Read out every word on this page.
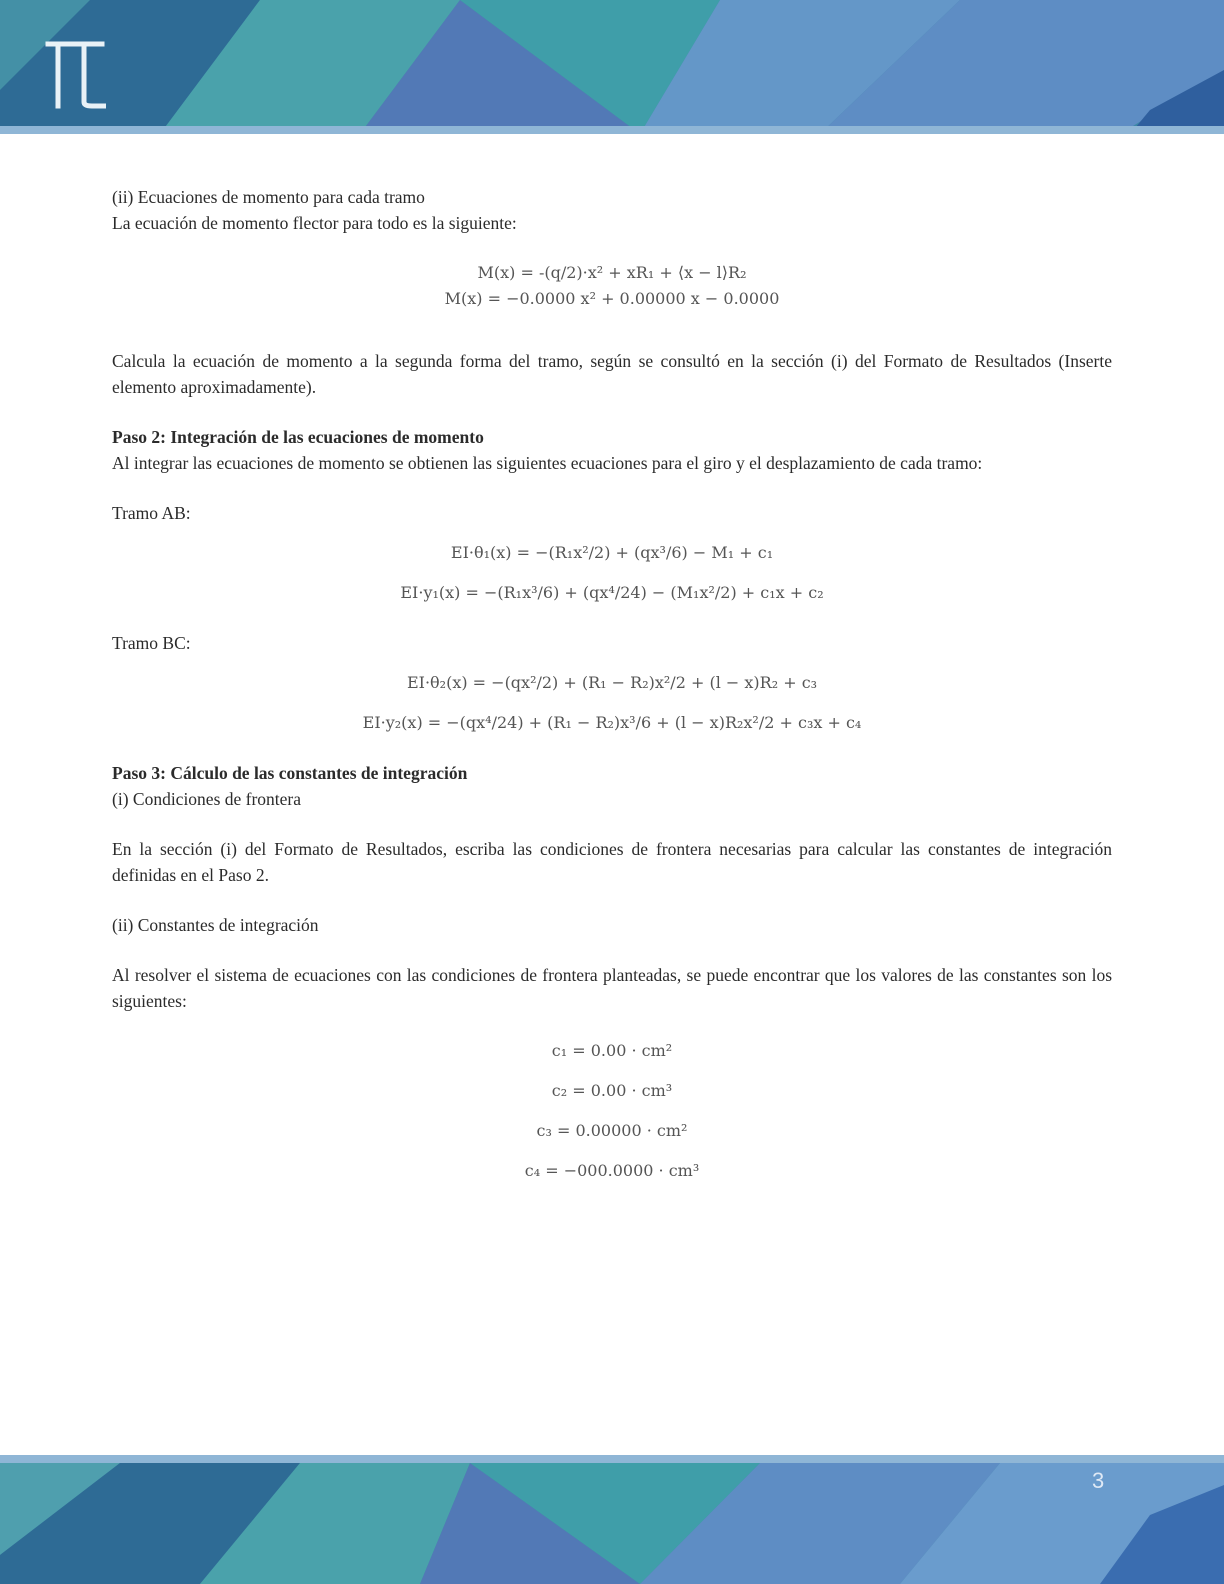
(ii) Ecuaciones de momento para cada tramo

La ecuación de momento flector para todo es la siguiente:

M(x) = -(q/2)·x² + xR₁ + ⟨x − l⟩R₂
M(x) = −0.0000 x² + 0.00000 x − 0.0000

Calcula la ecuación de momento a la segunda forma del tramo, según se consultó en la sección (i) del Formato de Resultados (Inserte elemento aproximadamente).

Paso 2: Integración de las ecuaciones de momento

Al integrar las ecuaciones de momento se obtienen las siguientes ecuaciones para el giro y el desplazamiento de cada tramo:

Tramo AB:

EI·θ₁(x) = −(R₁x²/2) + (qx³/6) − M₁ + c₁
EI·y₁(x) = −(R₁x³/6) + (qx⁴/24) − (M₁x²/2) + c₁x + c₂

Tramo BC:

EI·θ₂(x) = −(qx²/2) + (R₁ − R₂)x²/2 + (l − x)R₂ + c₃
EI·y₂(x) = −(qx⁴/24) + (R₁ − R₂)x³/6 + (l − x)R₂x²/2 + c₃x + c₄

Paso 3: Cálculo de las constantes de integración

(i) Condiciones de frontera

En la sección (i) del Formato de Resultados, escriba las condiciones de frontera necesarias para calcular las constantes de integración definidas en el Paso 2.

(ii) Constantes de integración

Al resolver el sistema de ecuaciones con las condiciones de frontera planteadas, se puede encontrar que los valores de las constantes son los siguientes:

c₁ = 0.00 · cm²
c₂ = 0.00 · cm³
c₃ = 0.00000 · cm²
c₄ = −000.0000 · cm³
3
